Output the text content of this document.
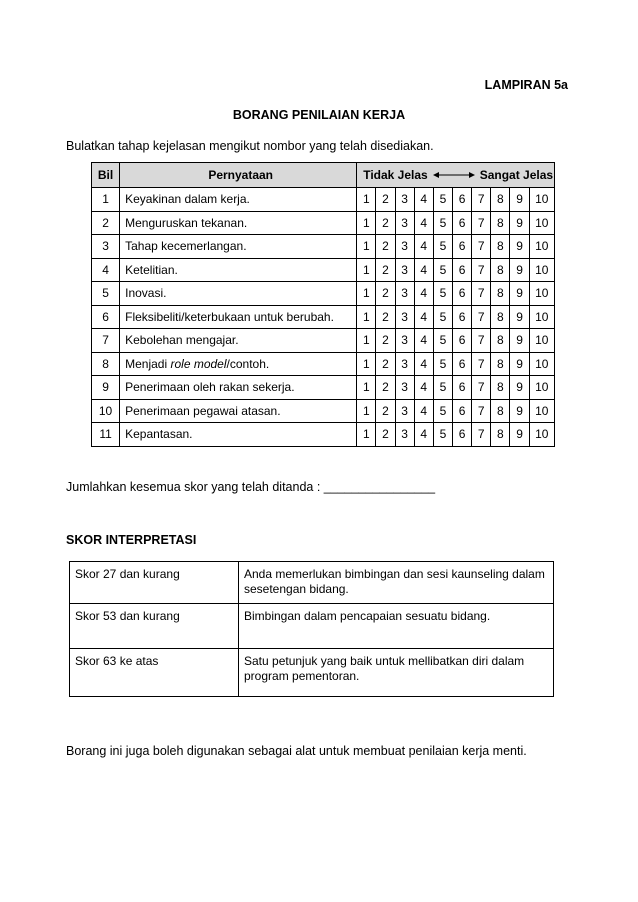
LAMPIRAN 5a
BORANG PENILAIAN KERJA
Bulatkan tahap kejelasan mengikut nombor yang telah disediakan.
Bil	Pernyataan	Tidak Jelas Sangat Jelas									
1	Keyakinan dalam kerja.	1	2	3	4	5	6	7	8	9	10
2	Menguruskan tekanan.	1	2	3	4	5	6	7	8	9	10
3	Tahap kecemerlangan.	1	2	3	4	5	6	7	8	9	10
4	Ketelitian.	1	2	3	4	5	6	7	8	9	10
5	Inovasi.	1	2	3	4	5	6	7	8	9	10
6	Fleksibeliti/keterbukaan untuk berubah.	1	2	3	4	5	6	7	8	9	10
7	Kebolehan mengajar.	1	2	3	4	5	6	7	8	9	10
8	Menjadi role model/contoh.	1	2	3	4	5	6	7	8	9	10
9	Penerimaan oleh rakan sekerja.	1	2	3	4	5	6	7	8	9	10
10	Penerimaan pegawai atasan.	1	2	3	4	5	6	7	8	9	10
11	Kepantasan.	1	2	3	4	5	6	7	8	9	10
Jumlahkan kesemua skor yang telah ditanda : ________________
SKOR INTERPRETASI
Skor 27 dan kurang	Anda memerlukan bimbingan dan sesi kaunseling dalam sesetengan bidang.
Skor 53 dan kurang	Bimbingan dalam pencapaian sesuatu bidang.
Skor 63 ke atas	Satu petunjuk yang baik untuk mellibatkan diri dalam program pementoran.
Borang ini juga boleh digunakan sebagai alat untuk membuat penilaian kerja menti.
